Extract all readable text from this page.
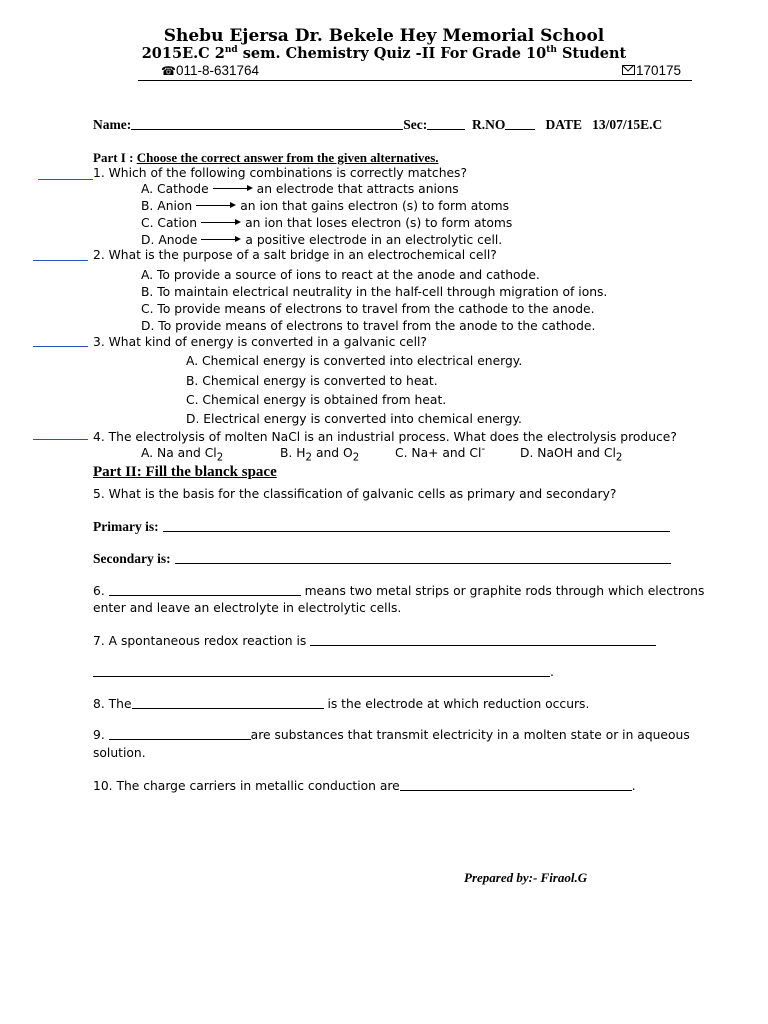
Shebu Ejersa Dr. Bekele Hey Memorial School
2015E.C 2nd sem. Chemistry Quiz -II For Grade 10th Student
☎011-8-631764	170175
Name:	Sec:	R.NO	DATE 13/07/15E.C
Part I : Choose the correct answer from the given alternatives.
1. Which of the following combinations is correctly matches?
A. Cathode	an electrode that attracts anions
B. Anion	an ion that gains electron (s) to form atoms
C. Cation	an ion that loses electron (s) to form atoms
D. Anode	a positive electrode in an electrolytic cell.
2. What is the purpose of a salt bridge in an electrochemical cell?
A. To provide a source of ions to react at the anode and cathode.
B. To maintain electrical neutrality in the half-cell through migration of ions.
C. To provide means of electrons to travel from the cathode to the anode.
D. To provide means of electrons to travel from the anode to the cathode.
3. What kind of energy is converted in a galvanic cell?
A. Chemical energy is converted into electrical energy.
B. Chemical energy is converted to heat.
C. Chemical energy is obtained from heat.
D. Electrical energy is converted into chemical energy.
4. The electrolysis of molten NaCl is an industrial process. What does the electrolysis produce?
A. Na and $Cl_2$	B. $H_2$ and $O_2$	C. Na+ and Cl-	D. NaOH and $Cl_2$
Part II: Fill the blanck space
5. What is the basis for the classification of galvanic cells as primary and secondary?
Primary is:
Secondary is:
6.	means two metal strips or graphite rods through which electrons
enter and leave an electrolyte in electrolytic cells.
7. A spontaneous redox reaction is
.
8. The	is the electrode at which reduction occurs.
9.	are substances that transmit electricity in a molten state or in aqueous
solution.
10. The charge carriers in metallic conduction are	.
Prepared by:- Firaol.G
